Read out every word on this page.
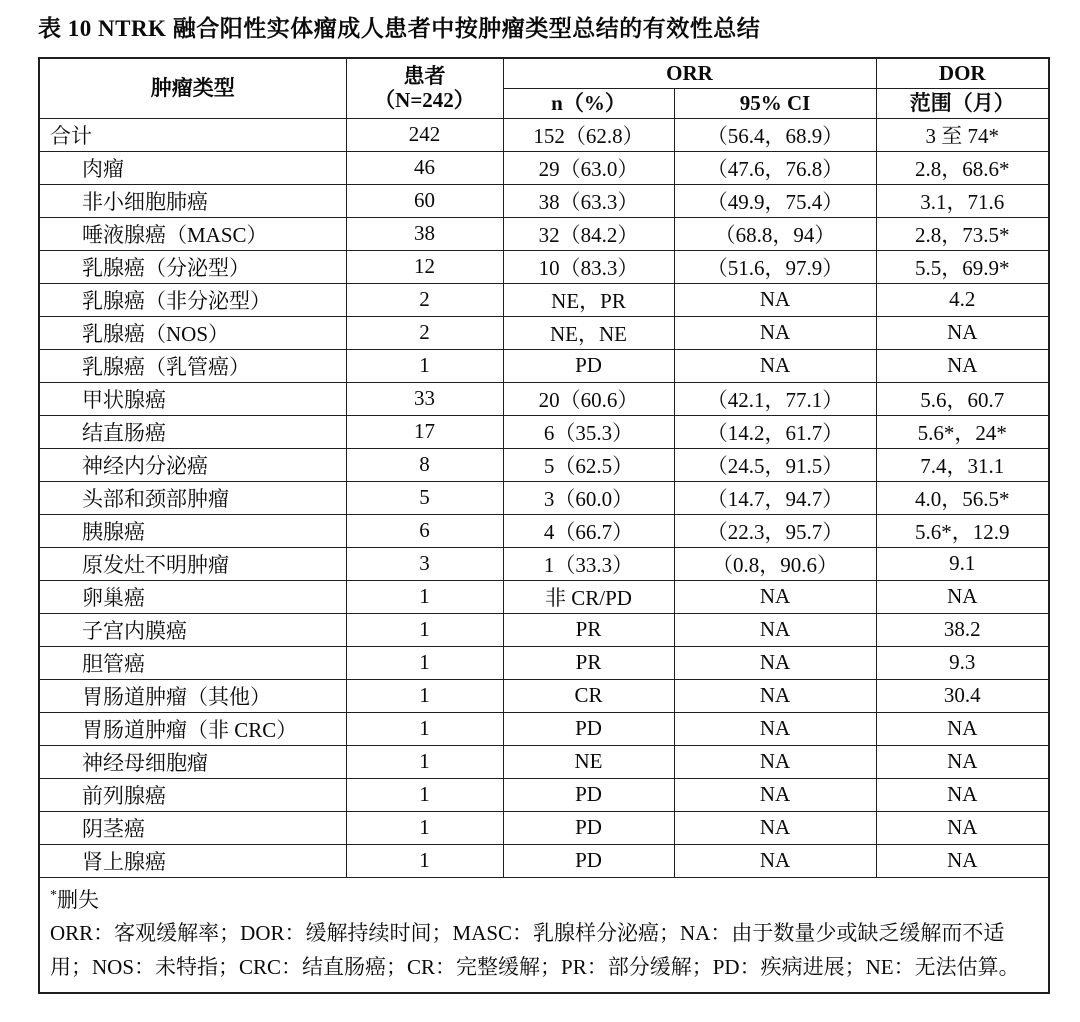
表 10 NTRK 融合阳性实体瘤成人患者中按肿瘤类型总结的有效性总结
肿瘤类型	患者
（N=242）	ORR		DOR
		n（%）	95% CI	范围（月）
合计	242	152（62.8）	（56.4，68.9）	3 至 74*
肉瘤	46	29（63.0）	（47.6，76.8）	2.8，68.6*
非小细胞肺癌	60	38（63.3）	（49.9，75.4）	3.1，71.6
唾液腺癌（MASC）	38	32（84.2）	（68.8，94）	2.8，73.5*
乳腺癌（分泌型）	12	10（83.3）	（51.6，97.9）	5.5，69.9*
乳腺癌（非分泌型）	2	NE，PR	NA	4.2
乳腺癌（NOS）	2	NE，NE	NA	NA
乳腺癌（乳管癌）	1	PD	NA	NA
甲状腺癌	33	20（60.6）	（42.1，77.1）	5.6，60.7
结直肠癌	17	6（35.3）	（14.2，61.7）	5.6*，24*
神经内分泌癌	8	5（62.5）	（24.5，91.5）	7.4，31.1
头部和颈部肿瘤	5	3（60.0）	（14.7，94.7）	4.0，56.5*
胰腺癌	6	4（66.7）	（22.3，95.7）	5.6*，12.9
原发灶不明肿瘤	3	1（33.3）	（0.8，90.6）	9.1
卵巢癌	1	非 CR/PD	NA	NA
子宫内膜癌	1	PR	NA	38.2
胆管癌	1	PR	NA	9.3
胃肠道肿瘤（其他）	1	CR	NA	30.4
胃肠道肿瘤（非 CRC）	1	PD	NA	NA
神经母细胞瘤	1	NE	NA	NA
前列腺癌	1	PD	NA	NA
阴茎癌	1	PD	NA	NA
肾上腺癌	1	PD	NA	NA
*删失
ORR：客观缓解率；DOR：缓解持续时间；MASC：乳腺样分泌癌；NA：由于数量少或缺乏缓解而不适用；NOS：未特指；CRC：结直肠癌；CR：完整缓解；PR：部分缓解；PD：疾病进展；NE：无法估算。				
